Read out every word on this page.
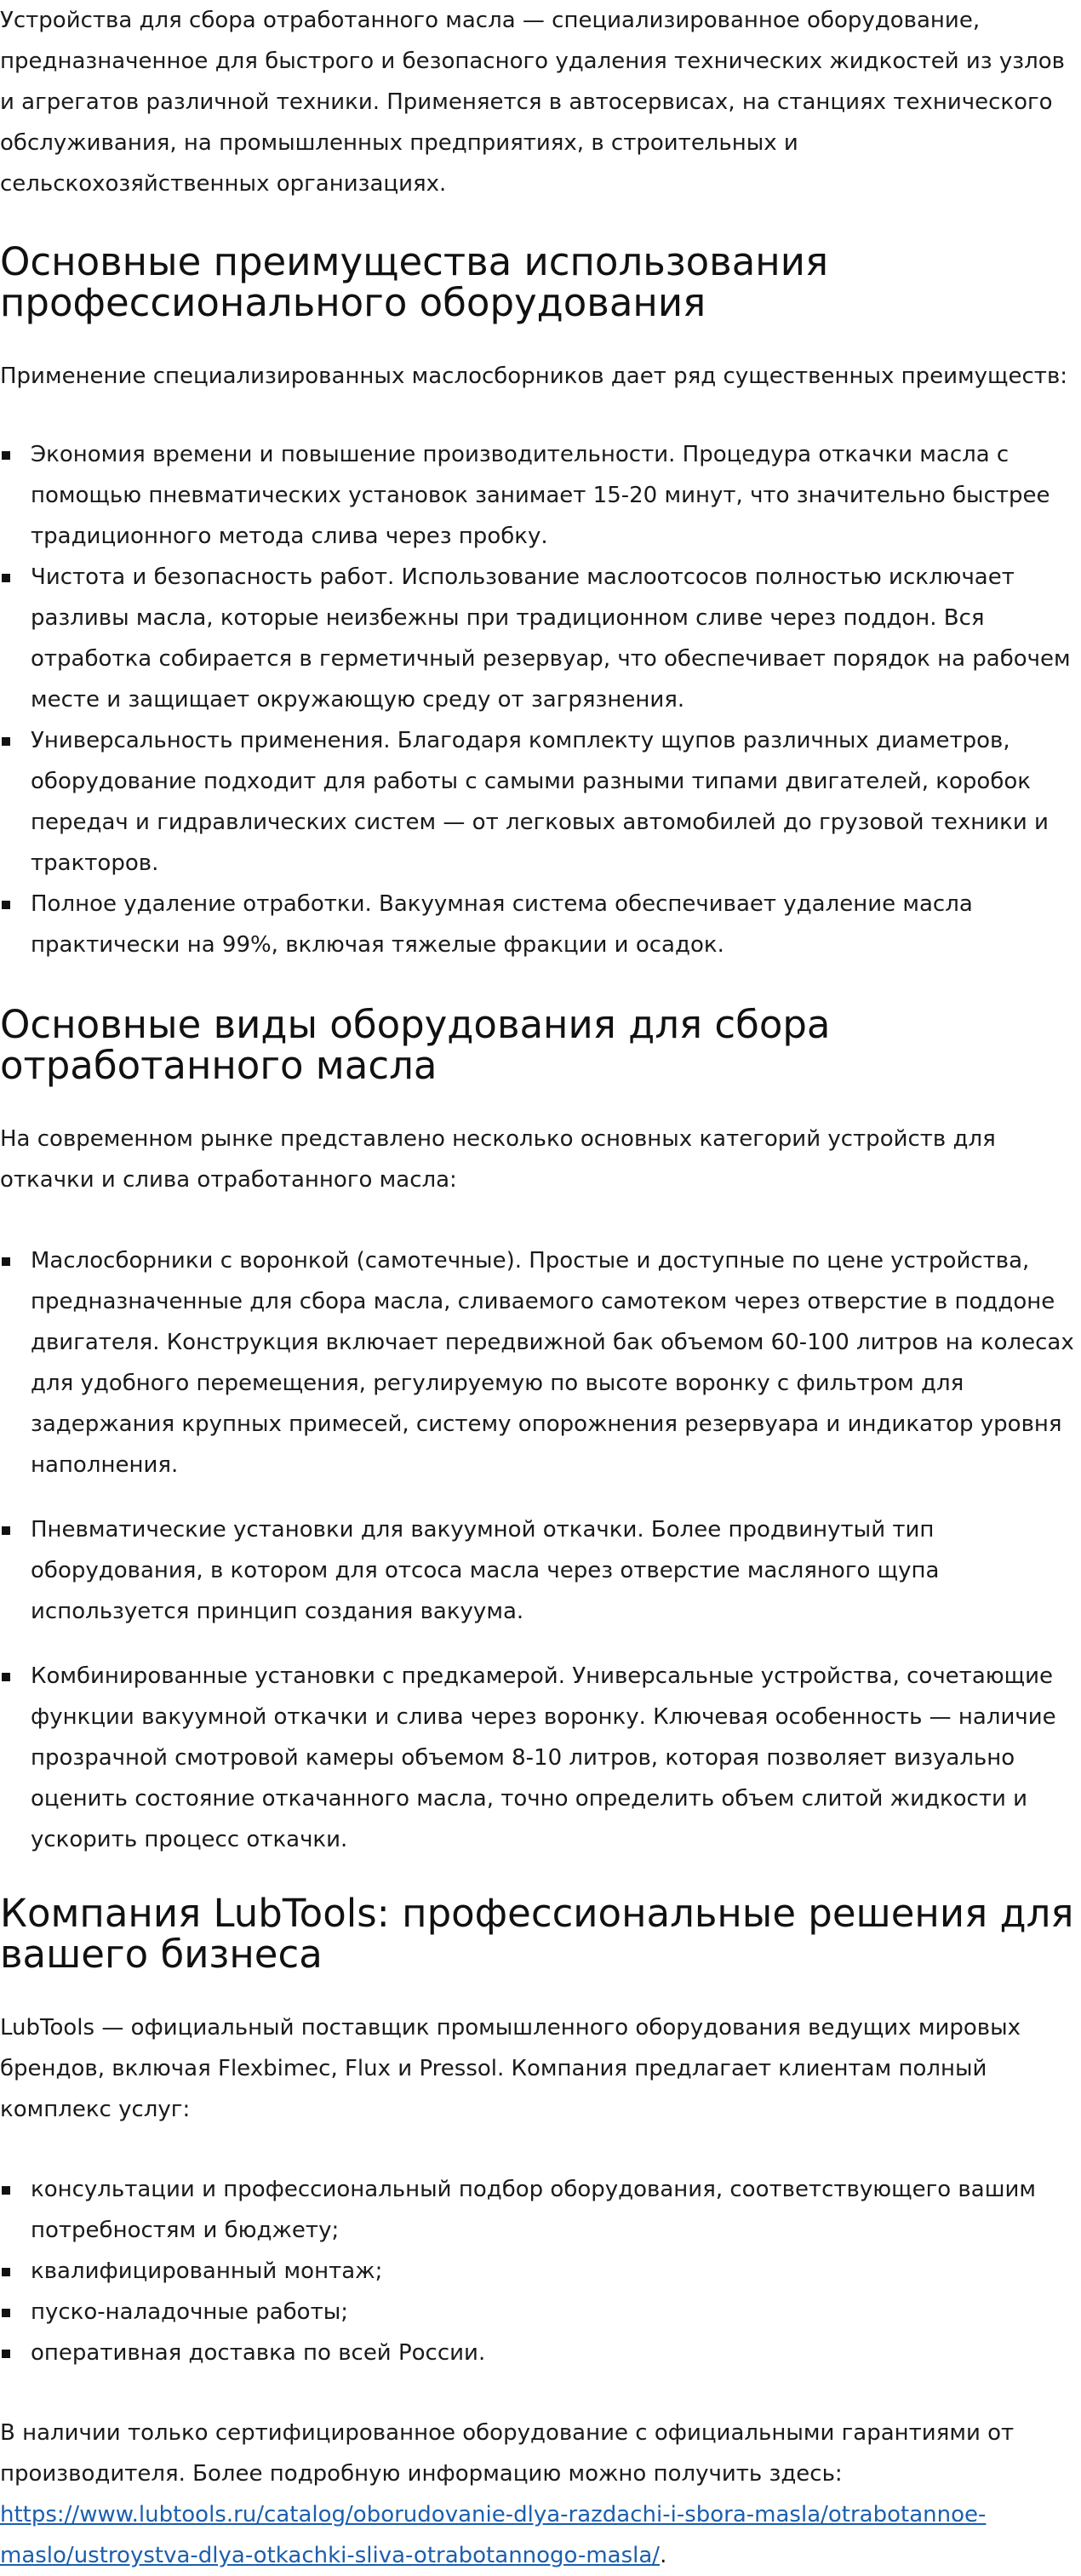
Устройства для сбора отработанного масла — специализированное оборудование, предназначенное для быстрого и безопасного удаления технических жидкостей из узлов и агрегатов различной техники. Применяется в автосервисах, на станциях технического обслуживания, на промышленных предприятиях, в строительных и сельскохозяйственных организациях.

Основные преимущества использования профессионального оборудования

Применение специализированных маслосборников дает ряд существенных преимуществ:

Экономия времени и повышение производительности. Процедура откачки масла с помощью пневматических установок занимает 15-20 минут, что значительно быстрее традиционного метода слива через пробку.
Чистота и безопасность работ. Использование маслоотсосов полностью исключает разливы масла, которые неизбежны при традиционном сливе через поддон. Вся отработка собирается в герметичный резервуар, что обеспечивает порядок на рабочем месте и защищает окружающую среду от загрязнения.
Универсальность применения. Благодаря комплекту щупов различных диаметров, оборудование подходит для работы с самыми разными типами двигателей, коробок передач и гидравлических систем — от легковых автомобилей до грузовой техники и тракторов.
Полное удаление отработки. Вакуумная система обеспечивает удаление масла практически на 99%, включая тяжелые фракции и осадок.
Основные виды оборудования для сбора отработанного масла

На современном рынке представлено несколько основных категорий устройств для откачки и слива отработанного масла:

Маслосборники с воронкой (самотечные). Простые и доступные по цене устройства, предназначенные для сбора масла, сливаемого самотеком через отверстие в поддоне двигателя. Конструкция включает передвижной бак объемом 60-100 литров на колесах для удобного перемещения, регулируемую по высоте воронку с фильтром для задержания крупных примесей, систему опорожнения резервуара и индикатор уровня наполнения.
Пневматические установки для вакуумной откачки. Более продвинутый тип оборудования, в котором для отсоса масла через отверстие масляного щупа используется принцип создания вакуума.
Комбинированные установки с предкамерой. Универсальные устройства, сочетающие функции вакуумной откачки и слива через воронку. Ключевая особенность — наличие прозрачной смотровой камеры объемом 8-10 литров, которая позволяет визуально оценить состояние откачанного масла, точно определить объем слитой жидкости и ускорить процесс откачки.
Компания LubTools: профессиональные решения для вашего бизнеса

LubTools — официальный поставщик промышленного оборудования ведущих мировых брендов, включая Flexbimec, Flux и Pressol. Компания предлагает клиентам полный комплекс услуг:

консультации и профессиональный подбор оборудования, соответствующего вашим потребностям и бюджету;
квалифицированный монтаж;
пуско-наладочные работы;
оперативная доставка по всей России.

В наличии только сертифицированное оборудование с официальными гарантиями от производителя. Более подробную информацию можно получить здесь: https://www.lubtools.ru/catalog/oborudovanie-dlya-razdachi-i-sbora-masla/otrabotannoe-maslo/ustroystva-dlya-otkachki-sliva-otrabotannogo-masla/.
